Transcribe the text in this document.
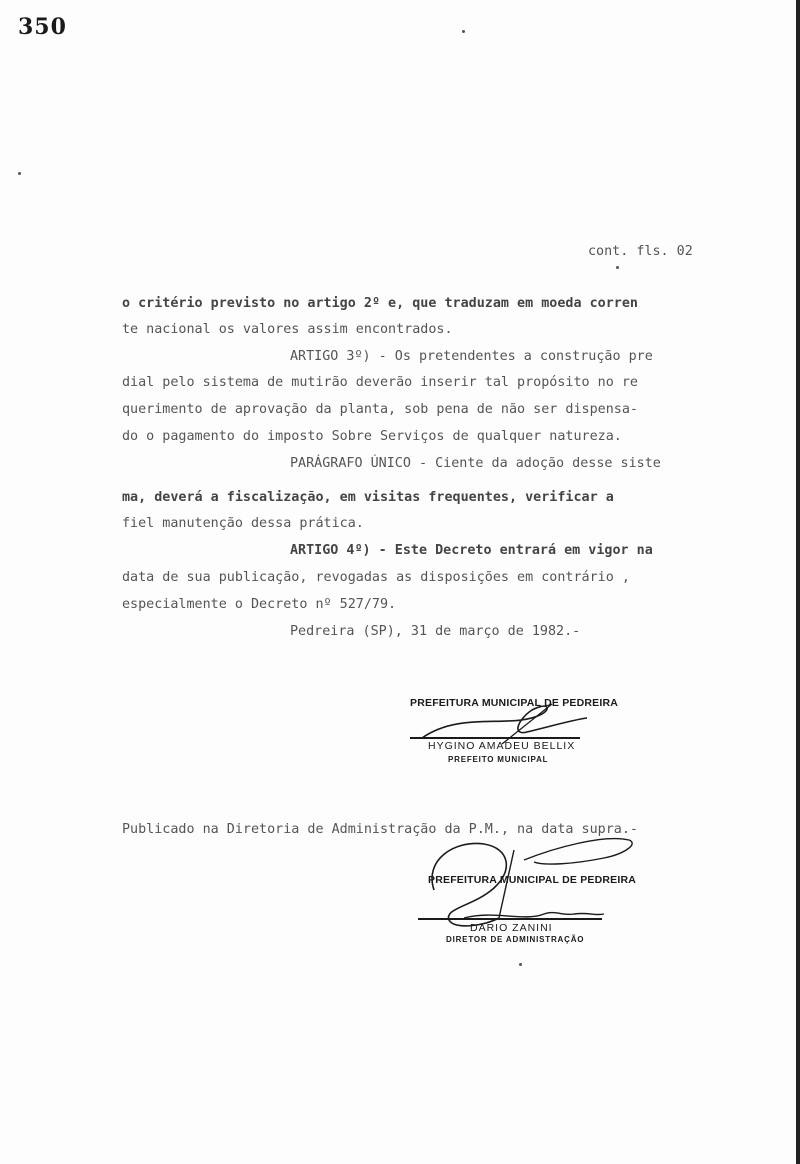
350
cont. fls. 02
o critério previsto no artigo 2º e, que traduzam em moeda corren
te nacional os valores assim encontrados.
ARTIGO 3º) - Os pretendentes a construção pre
dial pelo sistema de mutirão deverão inserir tal propósito no re
querimento de aprovação da planta, sob pena de não ser dispensa-
do o pagamento do imposto Sobre Serviços de qualquer natureza.
PARÁGRAFO ÚNICO - Ciente da adoção desse siste
ma, deverá a fiscalização, em visitas frequentes, verificar a
fiel manutenção dessa prática.
ARTIGO 4º) - Este Decreto entrará em vigor na
data de sua publicação, revogadas as disposições em contrário ,
especialmente o Decreto nº 527/79.
Pedreira (SP), 31 de março de 1982.-
PREFEITURA MUNICIPAL DE PEDREIRA
HYGINO AMADEU BELLIX
PREFEITO MUNICIPAL
Publicado na Diretoria de Administração da P.M., na data supra.-
PREFEITURA MUNICIPAL DE PEDREIRA
DARIO ZANINI
DIRETOR DE ADMINISTRAÇÃO
